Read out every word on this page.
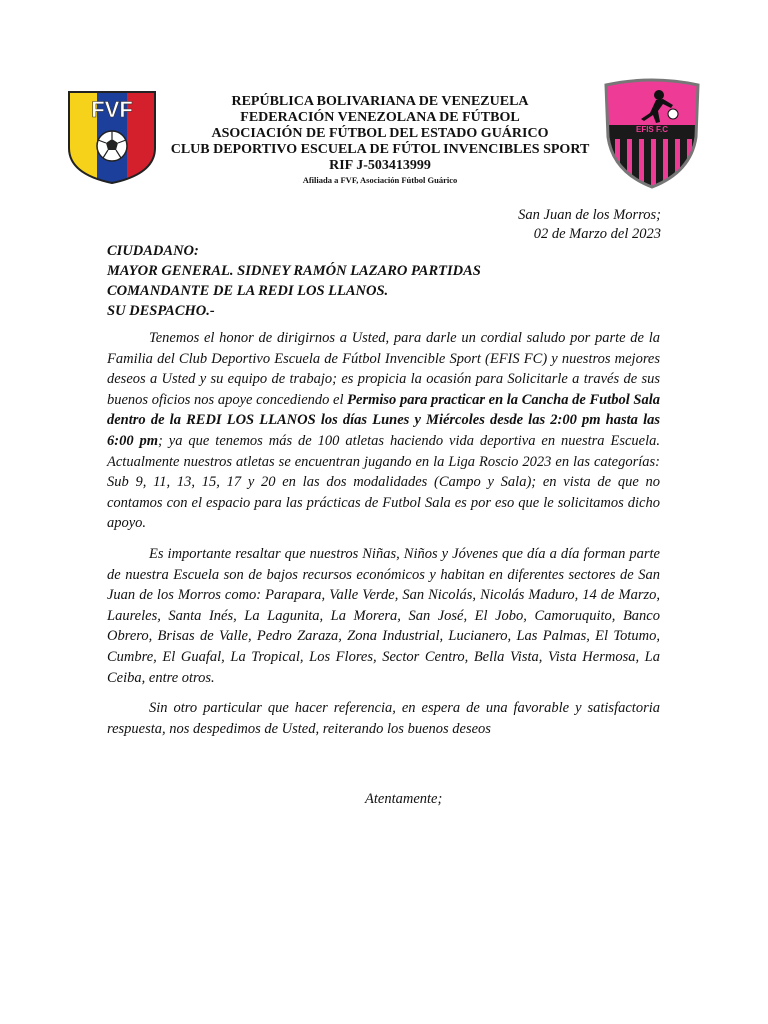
FVF	REPÚBLICA BOLIVARIANA DE VENEZUELA
FEDERACIÓN VENEZOLANA DE FÚTBOL
ASOCIACIÓN DE FÚTBOL DEL ESTADO GUÁRICO
CLUB DEPORTIVO ESCUELA DE FÚTOL INVENCIBLES SPORT
RIF J-503413999
Afiliada a FVF, Asociación Fútbol Guárico
EFIS F.C
San Juan de los Morros;
02 de Marzo del 2023
CIUDADANO:
MAYOR GENERAL. SIDNEY RAMÓN LAZARO PARTIDAS
COMANDANTE DE LA REDI LOS LLANOS.
SU DESPACHO.-

Tenemos el honor de dirigirnos a Usted, para darle un cordial saludo por parte de la Familia del Club Deportivo Escuela de Fútbol Invencible Sport (EFIS FC) y nuestros mejores deseos a Usted y su equipo de trabajo; es propicia la ocasión para Solicitarle a través de sus buenos oficios nos apoye concediendo el Permiso para practicar en la Cancha de Futbol Sala dentro de la REDI LOS LLANOS los días Lunes y Miércoles desde las 2:00 pm hasta las 6:00 pm; ya que tenemos más de 100 atletas haciendo vida deportiva en nuestra Escuela. Actualmente nuestros atletas se encuentran jugando en la Liga Roscio 2023 en las categorías: Sub 9, 11, 13, 15, 17 y 20 en las dos modalidades (Campo y Sala); en vista de que no contamos con el espacio para las prácticas de Futbol Sala es por eso que le solicitamos dicho apoyo.

Es importante resaltar que nuestros Niñas, Niños y Jóvenes que día a día forman parte de nuestra Escuela son de bajos recursos económicos y habitan en diferentes sectores de San Juan de los Morros como: Parapara, Valle Verde, San Nicolás, Nicolás Maduro, 14 de Marzo, Laureles, Santa Inés, La Lagunita, La Morera, San José, El Jobo, Camoruquito, Banco Obrero, Brisas de Valle, Pedro Zaraza, Zona Industrial, Lucianero, Las Palmas, El Totumo, Cumbre, El Guafal, La Tropical, Los Flores, Sector Centro, Bella Vista, Vista Hermosa, La Ceiba, entre otros.

Sin otro particular que hacer referencia, en espera de una favorable y satisfactoria respuesta, nos despedimos de Usted, reiterando los buenos deseos

Atentamente;
